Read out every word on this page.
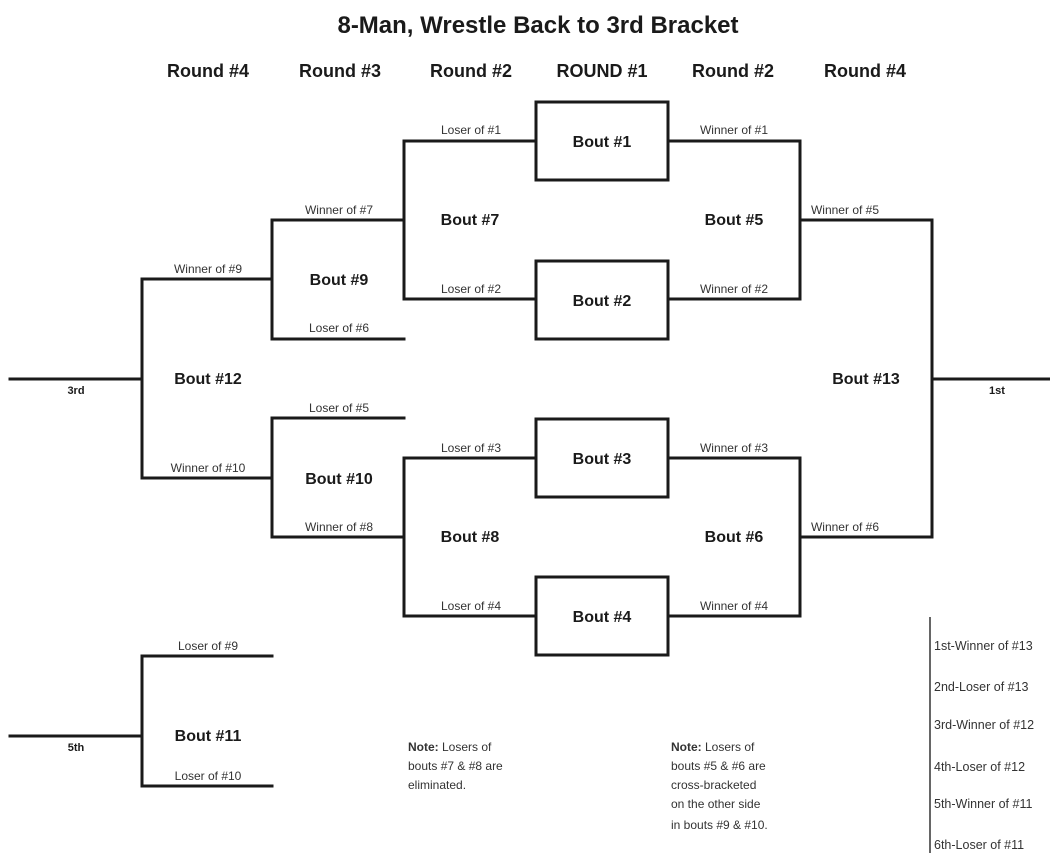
8-Man, Wrestle Back to 3rd Bracket
Round #4	Round #3	Round #2 ROUND #1 Round #2	Round #4
Bout #1
Bout #2
Bout #3
Bout #4
Bout #7
Bout #8
Loser of #1
Loser of #2
Loser of #3
Loser of #4
Bout #5
Bout #6
Winner of #1
Winner of #2
Winner of #3
Winner of #4
Bout #9
Bout #10
Winner of #7
Loser of #6
Loser of #5
Winner of #8
Bout #12
Winner of #9
Winner of #10
3rd
Bout #13
Winner of #5
Winner of #6
1st
Bout #11
Loser of #9
Loser of #10
5th	Note: Losers of
bouts #7 & #8 are
eliminated.
Note: Losers of
bouts #5 & #6 are
cross-bracketed
on the other side
in bouts #9 & #10.
1st-Winner of #13
2nd-Loser of #13
3rd-Winner of #12
4th-Loser of #12
5th-Winner of #11
6th-Loser of #11
